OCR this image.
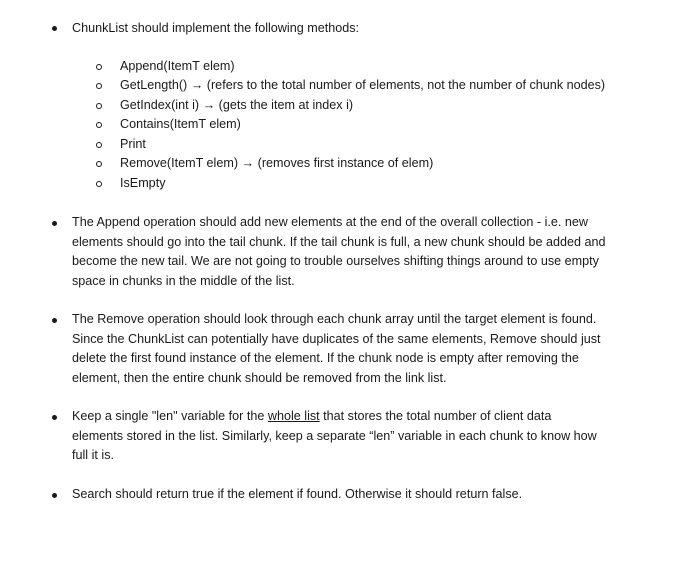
ChunkList should implement the following methods:
Append(ItemT elem)
GetLength() → (refers to the total number of elements, not the number of chunk nodes)
GetIndex(int i) → (gets the item at index i)
Contains(ItemT elem)
Print
Remove(ItemT elem) → (removes first instance of elem)
IsEmpty
The Append operation should add new elements at the end of the overall collection - i.e. new
elements should go into the tail chunk. If the tail chunk is full, a new chunk should be added and
become the new tail. We are not going to trouble ourselves shifting things around to use empty
space in chunks in the middle of the list.
The Remove operation should look through each chunk array until the target element is found.
Since the ChunkList can potentially have duplicates of the same elements, Remove should just
delete the first found instance of the element. If the chunk node is empty after removing the
element, then the entire chunk should be removed from the link list.
Keep a single "len" variable for the whole list that stores the total number of client data
elements stored in the list. Similarly, keep a separate “len” variable in each chunk to know how
full it is.
Search should return true if the element if found. Otherwise it should return false.
